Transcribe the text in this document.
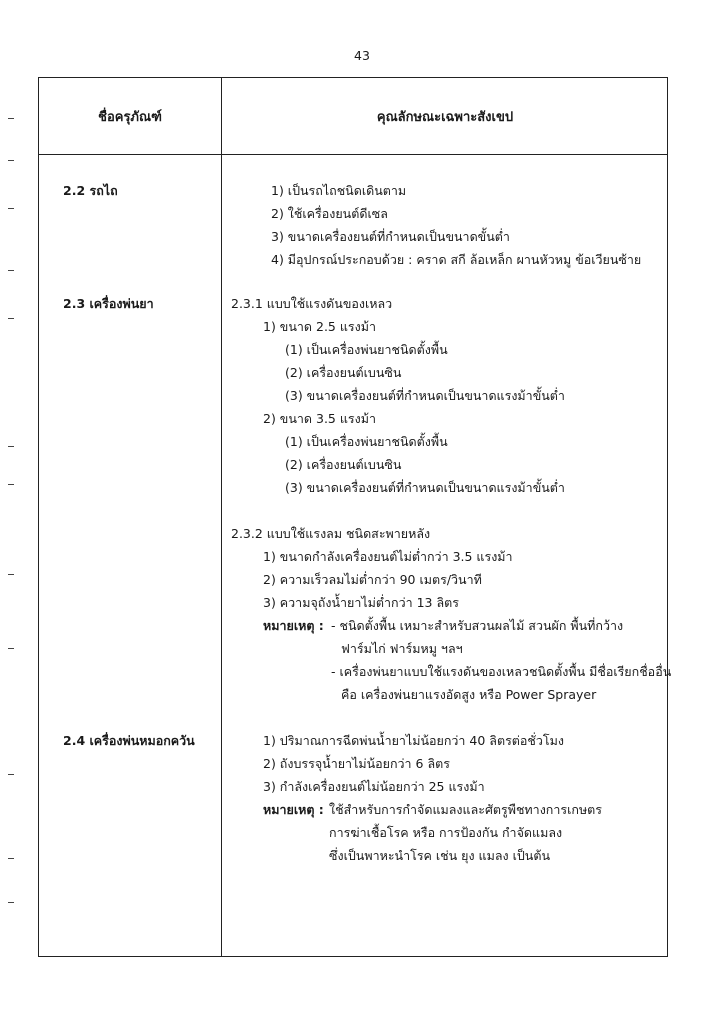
43
ชื่อครุภัณฑ์	คุณลักษณะเฉพาะสังเขป
2.2 รถไถ	1) เป็นรถไถชนิดเดินตาม
2) ใช้เครื่องยนต์ดีเซล
3) ขนาดเครื่องยนต์ที่กำหนดเป็นขนาดขั้นต่ำ
4) มีอุปกรณ์ประกอบด้วย : คราด สกี ล้อเหล็ก ผานหัวหมู ข้อเวียนซ้าย
2.3 เครื่องพ่นยา	2.3.1 แบบใช้แรงดันของเหลว
1) ขนาด 2.5 แรงม้า
(1) เป็นเครื่องพ่นยาชนิดตั้งพื้น
(2) เครื่องยนต์เบนซิน
(3) ขนาดเครื่องยนต์ที่กำหนดเป็นขนาดแรงม้าขั้นต่ำ
2) ขนาด 3.5 แรงม้า
(1) เป็นเครื่องพ่นยาชนิดตั้งพื้น
(2) เครื่องยนต์เบนซิน
(3) ขนาดเครื่องยนต์ที่กำหนดเป็นขนาดแรงม้าขั้นต่ำ
2.3.2 แบบใช้แรงลม ชนิดสะพายหลัง
1) ขนาดกำลังเครื่องยนต์ไม่ต่ำกว่า 3.5 แรงม้า
2) ความเร็วลมไม่ต่ำกว่า 90 เมตร/วินาที
3) ความจุถังน้ำยาไม่ต่ำกว่า 13 ลิตร
หมายเหตุ : - ชนิดตั้งพื้น เหมาะสำหรับสวนผลไม้ สวนผัก พื้นที่กว้าง
ฟาร์มไก่ ฟาร์มหมู ฯลฯ
- เครื่องพ่นยาแบบใช้แรงดันของเหลวชนิดตั้งพื้น มีชื่อเรียกชื่ออื่น
คือ เครื่องพ่นยาแรงอัดสูง หรือ Power Sprayer
2.4 เครื่องพ่นหมอกควัน	1) ปริมาณการฉีดพ่นน้ำยาไม่น้อยกว่า 40 ลิตรต่อชั่วโมง
2) ถังบรรจุน้ำยาไม่น้อยกว่า 6 ลิตร
3) กำลังเครื่องยนต์ไม่น้อยกว่า 25 แรงม้า
หมายเหตุ : ใช้สำหรับการกำจัดแมลงและศัตรูพืชทางการเกษตร
การฆ่าเชื้อโรค หรือ การป้องกัน กำจัดแมลง
ซึ่งเป็นพาหะนำโรค เช่น ยุง แมลง เป็นต้น
